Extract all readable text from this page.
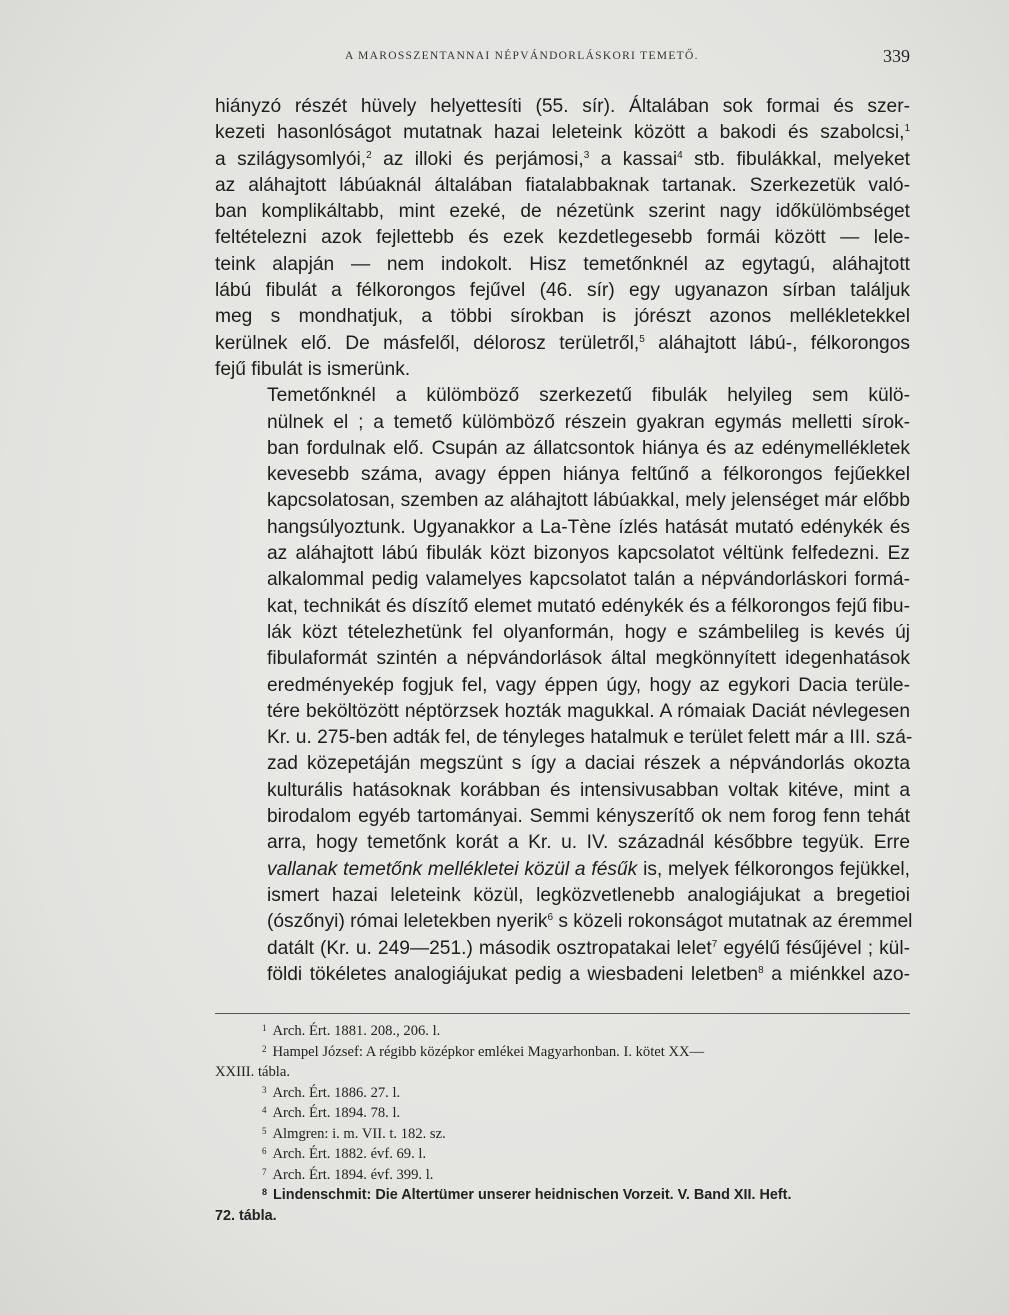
A MAROSSZENTANNAI NÉPVÁNDORLÁSKORI TEMETŐ.	339
hiányzó részét hüvely helyettesíti (55. sír). Általában sok formai és szer-
kezeti hasonlóságot mutatnak hazai leleteink között a bakodi és szabolcsi,$^1$
a szilágysomlyói,$^2$ az illoki és perjámosi,$^3$ a kassai$^4$ stb. fibulákkal, melyeket
az aláhajtott lábúaknál általában fiatalabbaknak tartanak. Szerkezetük való-
ban komplikáltabb, mint ezeké, de nézetünk szerint nagy időkülömbséget
feltételezni azok fejlettebb és ezek kezdetlegesebb formái között — lele-
teink alapján — nem indokolt. Hisz temetőnknél az egytagú, aláhajtott
lábú fibulát a félkorongos fejűvel (46. sír) egy ugyanazon sírban találjuk
meg s mondhatjuk, a többi sírokban is jórészt azonos mellékletekkel
kerülnek elő. De másfelől, délorosz területről,$^5$ aláhajtott lábú-, félkorongos
fejű fibulát is ismerünk.
Temetőnknél a külömböző szerkezetű fibulák helyileg sem külö-
nülnek el ; a temető külömböző részein gyakran egymás melletti sírok-
ban fordulnak elő. Csupán az állatcsontok hiánya és az edénymellékletek
kevesebb száma, avagy éppen hiánya feltűnő a félkorongos fejűekkel
kapcsolatosan, szemben az aláhajtott lábúakkal, mely jelenséget már előbb
hangsúlyoztunk. Ugyanakkor a La-Tène ízlés hatását mutató edénykék és
az aláhajtott lábú fibulák közt bizonyos kapcsolatot véltünk felfedezni. Ez
alkalommal pedig valamelyes kapcsolatot talán a népvándorláskori formá-
kat, technikát és díszítő elemet mutató edénykék és a félkorongos fejű fibu-
lák közt tételezhetünk fel olyanformán, hogy e számbelileg is kevés új
fibulaformát szintén a népvándorlások által megkönnyített idegenhatások
eredményekép fogjuk fel, vagy éppen úgy, hogy az egykori Dacia terüle-
tére beköltözött néptörzsek hozták magukkal. A rómaiak Daciát névlegesen
Kr. u. 275-ben adták fel, de tényleges hatalmuk e terület felett már a III. szá-
zad közepetáján megszünt s így a daciai részek a népvándorlás okozta
kulturális hatásoknak korábban és intensivusabban voltak kitéve, mint a
birodalom egyéb tartományai. Semmi kényszerítő ok nem forog fenn tehát
arra, hogy temetőnk korát a Kr. u. IV. századnál későbbre tegyük. Erre
vallanak temetőnk mellékletei közül a fésűk is, melyek félkorongos fejükkel,
ismert hazai leleteink közül, legközvetlenebb analogiájukat a bregetioi
(ószőnyi) római leletekben nyerik$^6$ s közeli rokonságot mutatnak az éremmel
datált (Kr. u. 249—251.) második osztropatakai lelet$^7$ egyélű fésűjével ; kül-
földi tökéletes analogiájukat pedig a wiesbadeni leletben$^8$ a miénkkel azo-
$^1$ Arch. Ért. 1881. 208., 206. l.
$^2$ Hampel József: A régibb középkor emlékei Magyarhonban. I. kötet XX—
XXIII. tábla.
$^3$ Arch. Ért. 1886. 27. l.
$^4$ Arch. Ért. 1894. 78. l.
$^5$ Almgren: i. m. VII. t. 182. sz.
$^6$ Arch. Ért. 1882. évf. 69. l.
$^7$ Arch. Ért. 1894. évf. 399. l.
$^8$ Lindenschmit: Die Altertümer unserer heidnischen Vorzeit. V. Band XII. Heft.
72. tábla.
